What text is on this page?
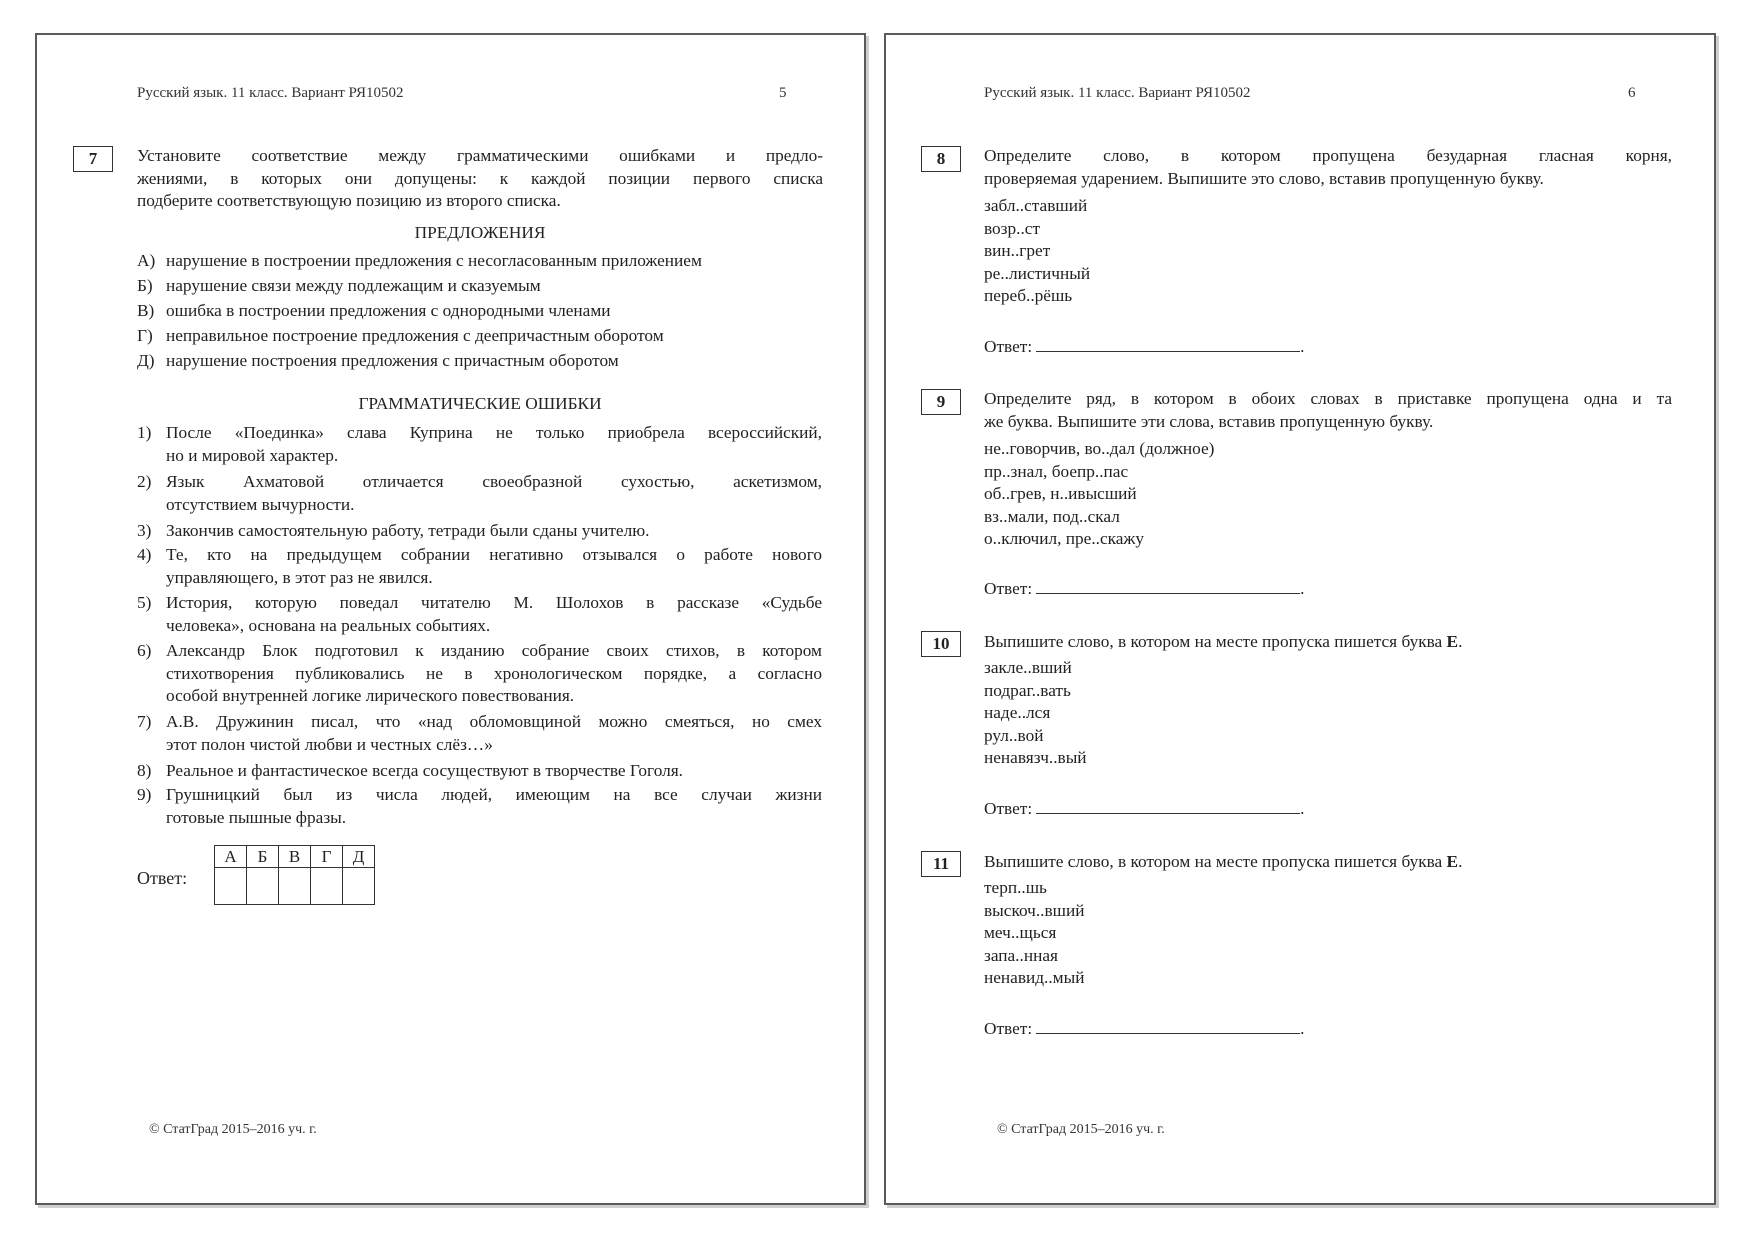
Русский язык. 11 класс. Вариант РЯ10502	5
7	Установите соответствие между грамматическими ошибками и предло-
жениями, в которых они допущены: к каждой позиции первого списка
подберите соответствующую позицию из второго списка.
ПРЕДЛОЖЕНИЯ
А) нарушение в построении предложения с несогласованным приложением
Б) нарушение связи между подлежащим и сказуемым
В) ошибка в построении предложения с однородными членами
Г) неправильное построение предложения с деепричастным оборотом
Д) нарушение построения предложения с причастным оборотом
ГРАММАТИЧЕСКИЕ ОШИБКИ
1) После «Поединка» слава Куприна не только приобрела всероссийский,
но и мировой характер.
2) Язык Ахматовой отличается своеобразной сухостью, аскетизмом,
отсутствием вычурности.
3) Закончив самостоятельную работу, тетради были сданы учителю.
4) Те, кто на предыдущем собрании негативно отзывался о работе нового
управляющего, в этот раз не явился.
5) История, которую поведал читателю М. Шолохов в рассказе «Судьбе
человека», основана на реальных событиях.
6) Александр Блок подготовил к изданию собрание своих стихов, в котором
стихотворения публиковались не в хронологическом порядке, а согласно
особой внутренней логике лирического повествования.
7) А.В. Дружинин писал, что «над обломовщиной можно смеяться, но смех
этот полон чистой любви и честных слёз…»
8) Реальное и фантастическое всегда сосуществуют в творчестве Гоголя.
9) Грушницкий был из числа людей, имеющим на все случаи жизни
готовые пышные фразы.
Ответ:
А	Б	В	Г	Д

© СтатГрад 2015–2016 уч. г.
Русский язык. 11 класс. Вариант РЯ10502	6
8	Определите слово, в котором пропущена безударная гласная корня,
проверяемая ударением. Выпишите это слово, вставив пропущенную букву.
забл..ставший
возр..ст
вин..грет
ре..листичный
переб..рёшь
Ответ:	.
9	Определите ряд, в котором в обоих словах в приставке пропущена одна и та
же буква. Выпишите эти слова, вставив пропущенную букву.
не..говорчив, во..дал (должное)
пр..знал, боепр..пас
об..грев, н..ивысший
вз..мали, под..скал
о..ключил, пре..скажу
Ответ:	.
10	Выпишите слово, в котором на месте пропуска пишется буква Е.
закле..вший
подраг..вать
наде..лся
рул..вой
ненавязч..вый
Ответ:	.
11	Выпишите слово, в котором на месте пропуска пишется буква Е.
терп..шь
выскоч..вший
меч..щься
запа..нная
ненавид..мый
Ответ:	.
© СтатГрад 2015–2016 уч. г.
